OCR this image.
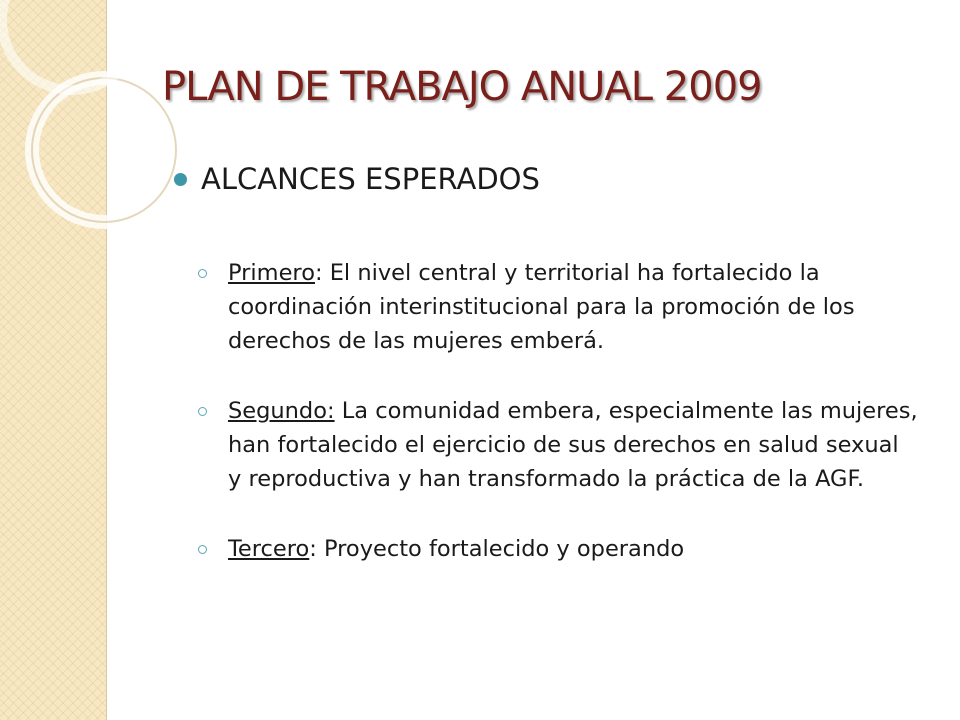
PLAN DE TRABAJO ANUAL 2009
ALCANCES ESPERADOS
Primero: El nivel central y territorial ha fortalecido la coordinación interinstitucional para la promoción de los derechos de las mujeres emberá.
Segundo: La comunidad embera, especialmente las mujeres, han fortalecido el ejercicio de sus derechos en salud sexual y reproductiva y han transformado la práctica de la AGF.
Tercero: Proyecto fortalecido y operando
